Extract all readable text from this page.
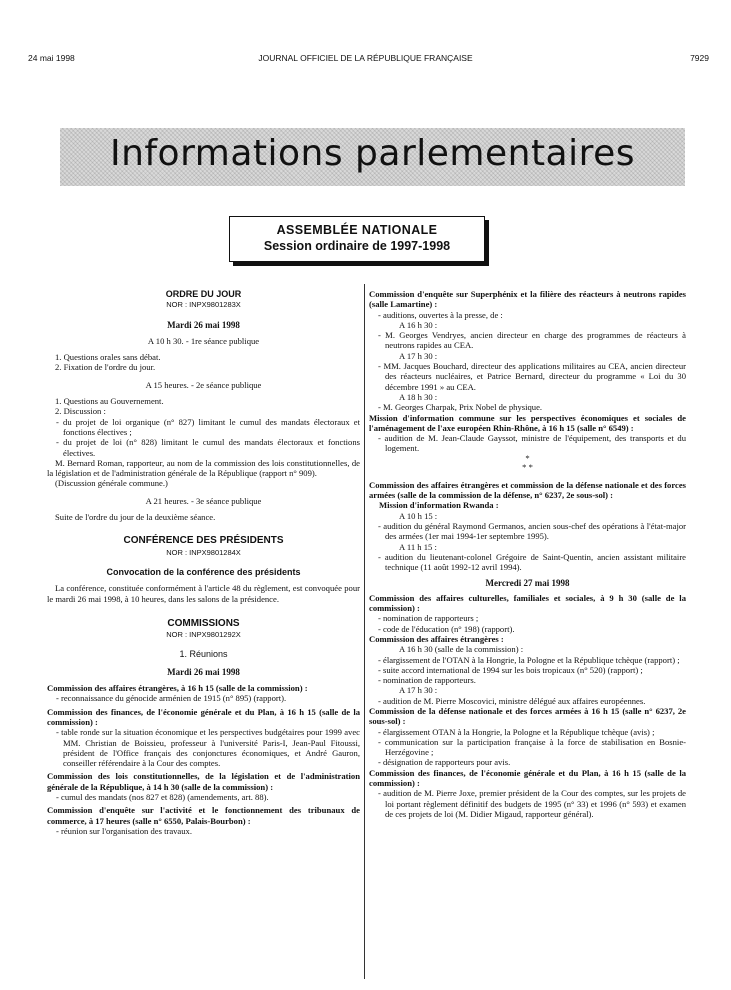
24 mai 1998	JOURNAL OFFICIEL DE LA RÉPUBLIQUE FRANÇAISE	7929
Informations parlementaires
ASSEMBLÉE NATIONALE
Session ordinaire de 1997-1998
ORDRE DU JOUR
NOR : INPX9801283X
Mardi 26 mai 1998
A 10 h 30. - 1re séance publique
1. Questions orales sans débat.
2. Fixation de l'ordre du jour.
A 15 heures. - 2e séance publique
1. Questions au Gouvernement.
2. Discussion :
- du projet de loi organique (n° 827) limitant le cumul des mandats électoraux et fonctions électives ;
- du projet de loi (n° 828) limitant le cumul des mandats électoraux et fonctions électives.
M. Bernard Roman, rapporteur, au nom de la commission des lois constitutionnelles, de la législation et de l'administration générale de la République (rapport n° 909).
(Discussion générale commune.)
A 21 heures. - 3e séance publique
Suite de l'ordre du jour de la deuxième séance.
CONFÉRENCE DES PRÉSIDENTS
NOR : INPX9801284X
Convocation de la conférence des présidents
La conférence, constituée conformément à l'article 48 du règlement, est convoquée pour le mardi 26 mai 1998, à 10 heures, dans les salons de la présidence.
COMMISSIONS
NOR : INPX9801292X
1. Réunions
Mardi 26 mai 1998
Commission des affaires étrangères, à 16 h 15 (salle de la commission) :
- reconnaissance du génocide arménien de 1915 (n° 895) (rapport).
Commission des finances, de l'économie générale et du Plan, à 16 h 15 (salle de la commission) :
- table ronde sur la situation économique et les perspectives budgétaires pour 1999 avec MM. Christian de Boissieu, professeur à l'université Paris-I, Jean-Paul Fitoussi, président de l'Office français des conjonctures économiques, et André Gauron, conseiller référendaire à la Cour des comptes.
Commission des lois constitutionnelles, de la législation et de l'administration générale de la République, à 14 h 30 (salle de la commission) :
- cumul des mandats (nos 827 et 828) (amendements, art. 88).
Commission d'enquête sur l'activité et le fonctionnement des tribunaux de commerce, à 17 heures (salle n° 6550, Palais-Bourbon) :
- réunion sur l'organisation des travaux.
Commission d'enquête sur Superphénix et la filière des réacteurs à neutrons rapides (salle Lamartine) :
- auditions, ouvertes à la presse, de :
A 16 h 30 :
- M. Georges Vendryes, ancien directeur en charge des programmes de réacteurs à neutrons rapides au CEA.
A 17 h 30 :
- MM. Jacques Bouchard, directeur des applications militaires au CEA, ancien directeur des réacteurs nucléaires, et Patrice Bernard, directeur du programme « Loi du 30 décembre 1991 » au CEA.
A 18 h 30 :
- M. Georges Charpak, Prix Nobel de physique.
Mission d'information commune sur les perspectives économiques et sociales de l'aménagement de l'axe européen Rhin-Rhône, à 16 h 15 (salle n° 6549) :
- audition de M. Jean-Claude Gayssot, ministre de l'équipement, des transports et du logement.
*
* *
Commission des affaires étrangères et commission de la défense nationale et des forces armées (salle de la commission de la défense, n° 6237, 2e sous-sol) :
Mission d'information Rwanda :
A 10 h 15 :
- audition du général Raymond Germanos, ancien sous-chef des opérations à l'état-major des armées (1er mai 1994-1er septembre 1995).
A 11 h 15 :
- audition du lieutenant-colonel Grégoire de Saint-Quentin, ancien assistant militaire technique (11 août 1992-12 avril 1994).
Mercredi 27 mai 1998
Commission des affaires culturelles, familiales et sociales, à 9 h 30 (salle de la commission) :
- nomination de rapporteurs ;
- code de l'éducation (n° 198) (rapport).
Commission des affaires étrangères :
A 16 h 30 (salle de la commission) :
- élargissement de l'OTAN à la Hongrie, la Pologne et la République tchèque (rapport) ;
- suite accord international de 1994 sur les bois tropicaux (n° 520) (rapport) ;
- nomination de rapporteurs.
A 17 h 30 :
- audition de M. Pierre Moscovici, ministre délégué aux affaires européennes.
Commission de la défense nationale et des forces armées à 16 h 15 (salle n° 6237, 2e sous-sol) :
- élargissement OTAN à la Hongrie, la Pologne et la République tchèque (avis) ;
- communication sur la participation française à la force de stabilisation en Bosnie-Herzégovine ;
- désignation de rapporteurs pour avis.
Commission des finances, de l'économie générale et du Plan, à 16 h 15 (salle de la commission) :
- audition de M. Pierre Joxe, premier président de la Cour des comptes, sur les projets de loi portant règlement définitif des budgets de 1995 (n° 33) et 1996 (n° 593) et examen de ces projets de loi (M. Didier Migaud, rapporteur général).
